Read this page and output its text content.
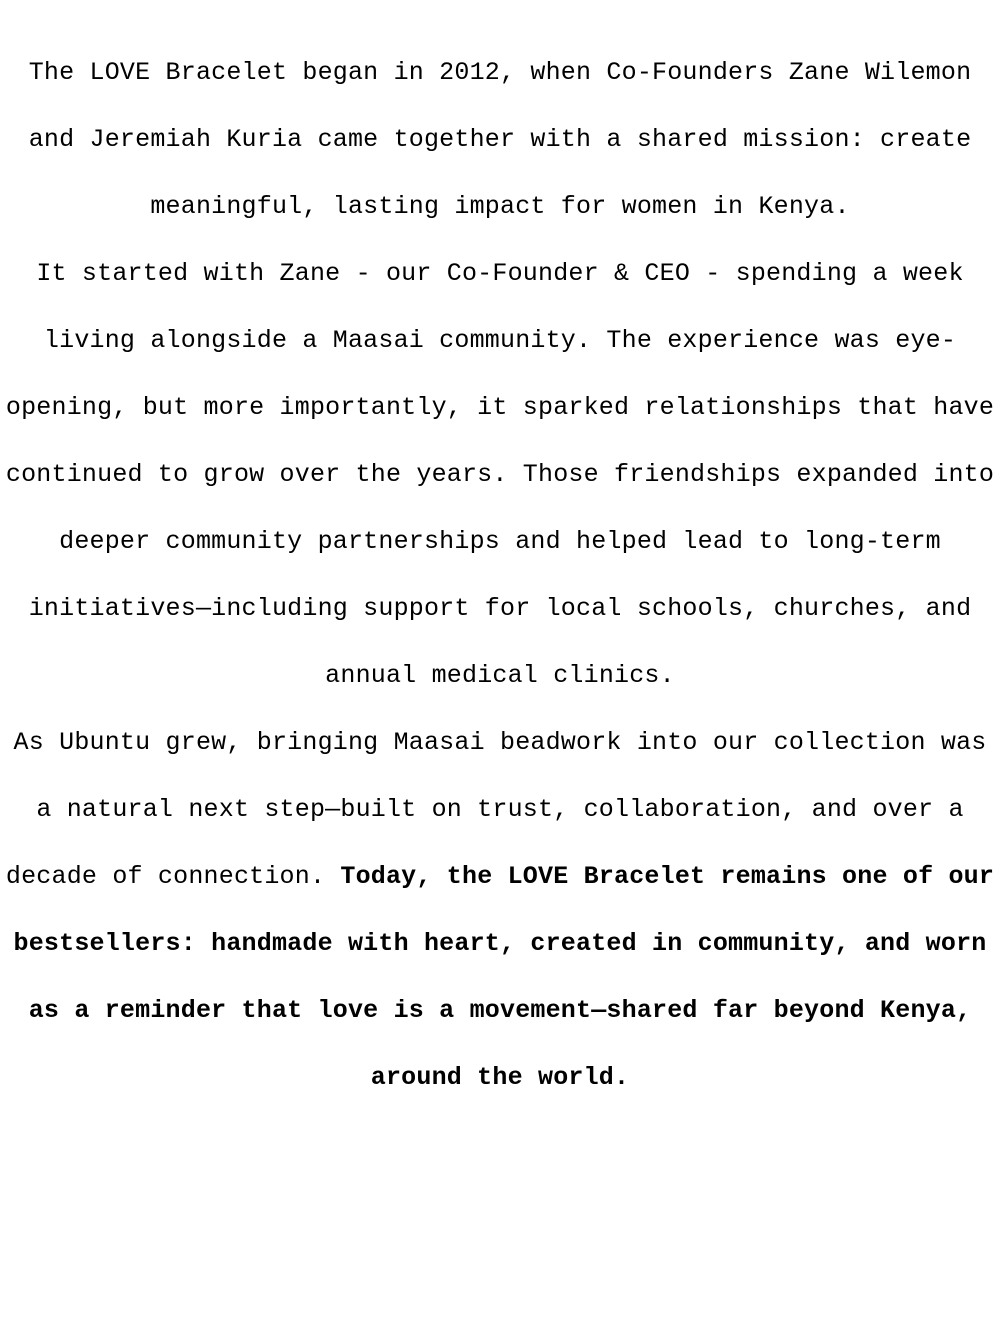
The LOVE Bracelet began in 2012, when Co-Founders Zane Wilemon and Jeremiah Kuria came together with a shared mission: create meaningful, lasting impact for women in Kenya.

It started with Zane - our Co-Founder & CEO - spending a week living alongside a Maasai community. The experience was eye-opening, but more importantly, it sparked relationships that have continued to grow over the years. Those friendships expanded into deeper community partnerships and helped lead to long-term initiatives—including support for local schools, churches, and annual medical clinics.

As Ubuntu grew, bringing Maasai beadwork into our collection was a natural next step—built on trust, collaboration, and over a decade of connection. Today, the LOVE Bracelet remains one of our bestsellers: handmade with heart, created in community, and worn as a reminder that love is a movement—shared far beyond Kenya, around the world.
